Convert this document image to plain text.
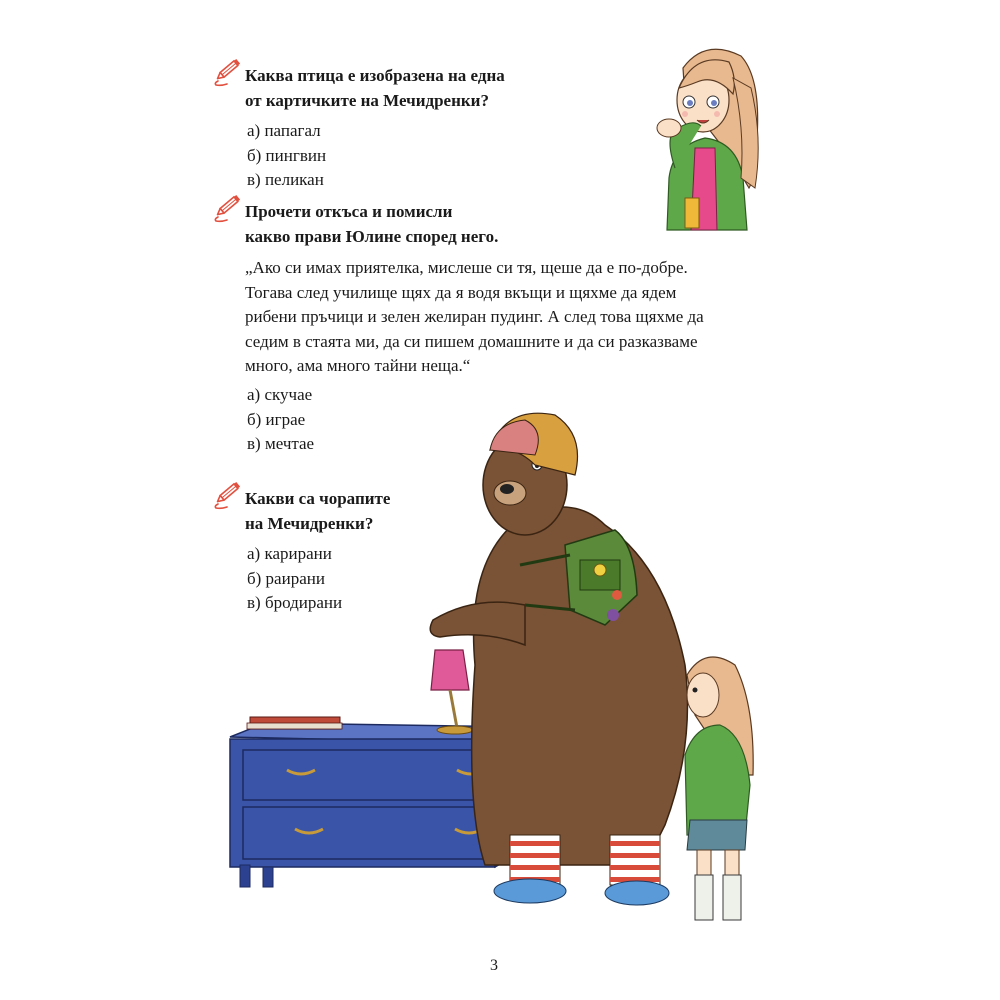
Каква птица е изобразена на една
от картичките на Мечидренки?
а) папагал
б) пингвин
в) пеликан
Прочети откъса и помисли
какво прави Юлине според него.

„Ако си имах приятелка, мислеше си тя, щеше да е по-добре.
Тогава след училище щях да я водя вкъщи и щяхме да ядем
рибени пръчици и зелен желиран пудинг. А след това щяхме да
седим в стаята ми, да си пишем домашните и да си разказваме
много, ама много тайни неща.“

а) скучае
б) играе
в) мечтае
Какви са чорапите
на Мечидренки?
а) карирани
б) раирани
в) бродирани
3
